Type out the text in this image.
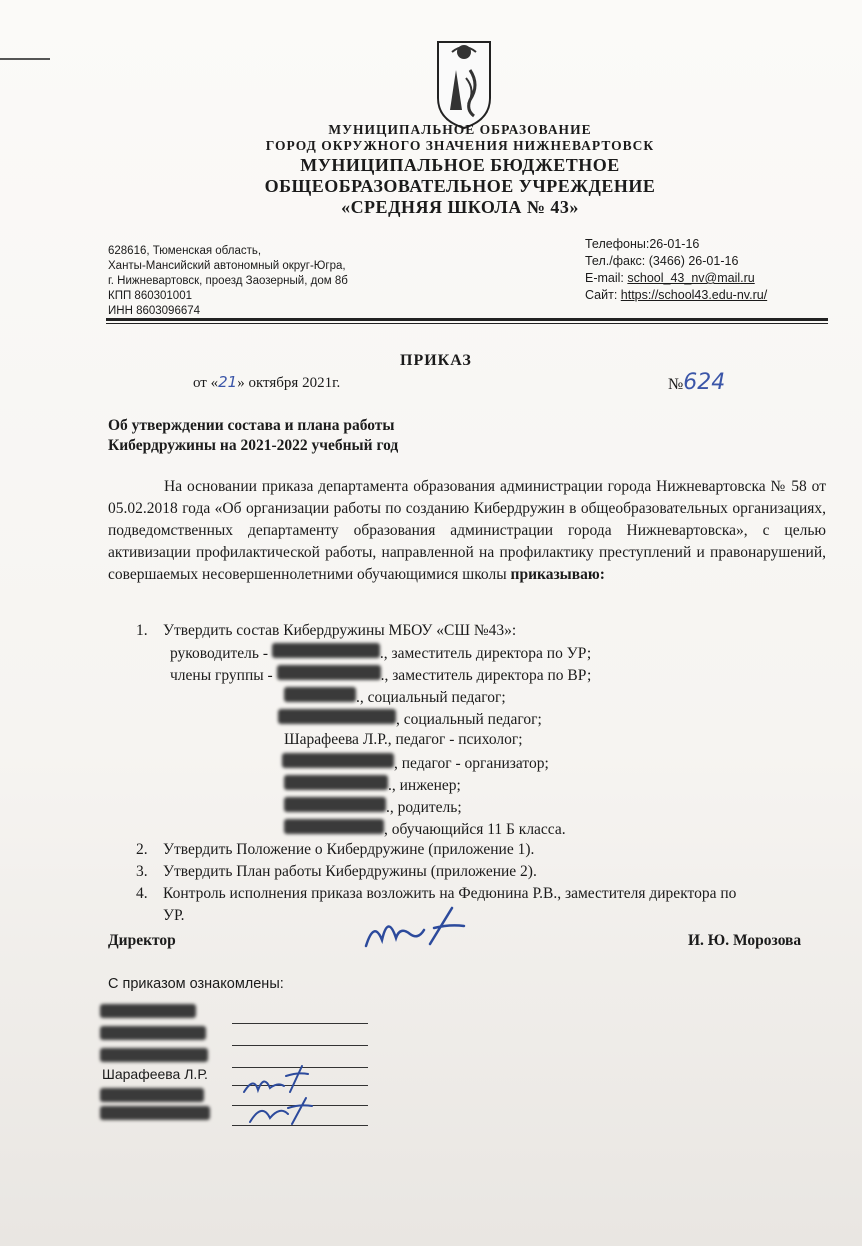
МУНИЦИПАЛЬНОЕ ОБРАЗОВАНИЕ
ГОРОД ОКРУЖНОГО ЗНАЧЕНИЯ НИЖНЕВАРТОВСК
МУНИЦИПАЛЬНОЕ БЮДЖЕТНОЕ
ОБЩЕОБРАЗОВАТЕЛЬНОЕ УЧРЕЖДЕНИЕ
«СРЕДНЯЯ ШКОЛА № 43»
628616, Тюменская область,
Ханты-Мансийский автономный округ-Югра,
г. Нижневартовск, проезд Заозерный, дом 8б
КПП 860301001
ИНН 8603096674
Телефоны:26-01-16
Тел./факс: (3466) 26-01-16
E-mail: school_43_nv@mail.ru
Сайт: https://school43.edu-nv.ru/
ПРИКАЗ
от «21» октября 2021г.	№624
Об утверждении состава и плана работы
Кибердружины на 2021-2022 учебный год
На основании приказа департамента образования администрации города Нижневартовска № 58 от 05.02.2018 года «Об организации работы по созданию Кибердружин в общеобразовательных организациях, подведомственных департаменту образования администрации города Нижневартовска», с целью активизации профилактической работы, направленной на профилактику преступлений и правонарушений, совершаемых несовершеннолетними обучающимися школы приказываю:
1. Утвердить состав Кибердружины МБОУ «СШ №43»:
руководитель -	., заместитель директора по УР;
члены группы -	., заместитель директора по ВР;
., социальный педагог;
, социальный педагог;
Шарафеева Л.Р., педагог - психолог;
, педагог - организатор;
., инженер;
., родитель;
, обучающийся 11 Б класса.
2. Утвердить Положение о Кибердружине (приложение 1).
3. Утвердить План работы Кибердружины (приложение 2).
4. Контроль исполнения приказа возложить на Федюнина Р.В., заместителя директора по
УР.
Директор	И. Ю. Морозова
С приказом ознакомлены:
Шарафеева Л.Р.
